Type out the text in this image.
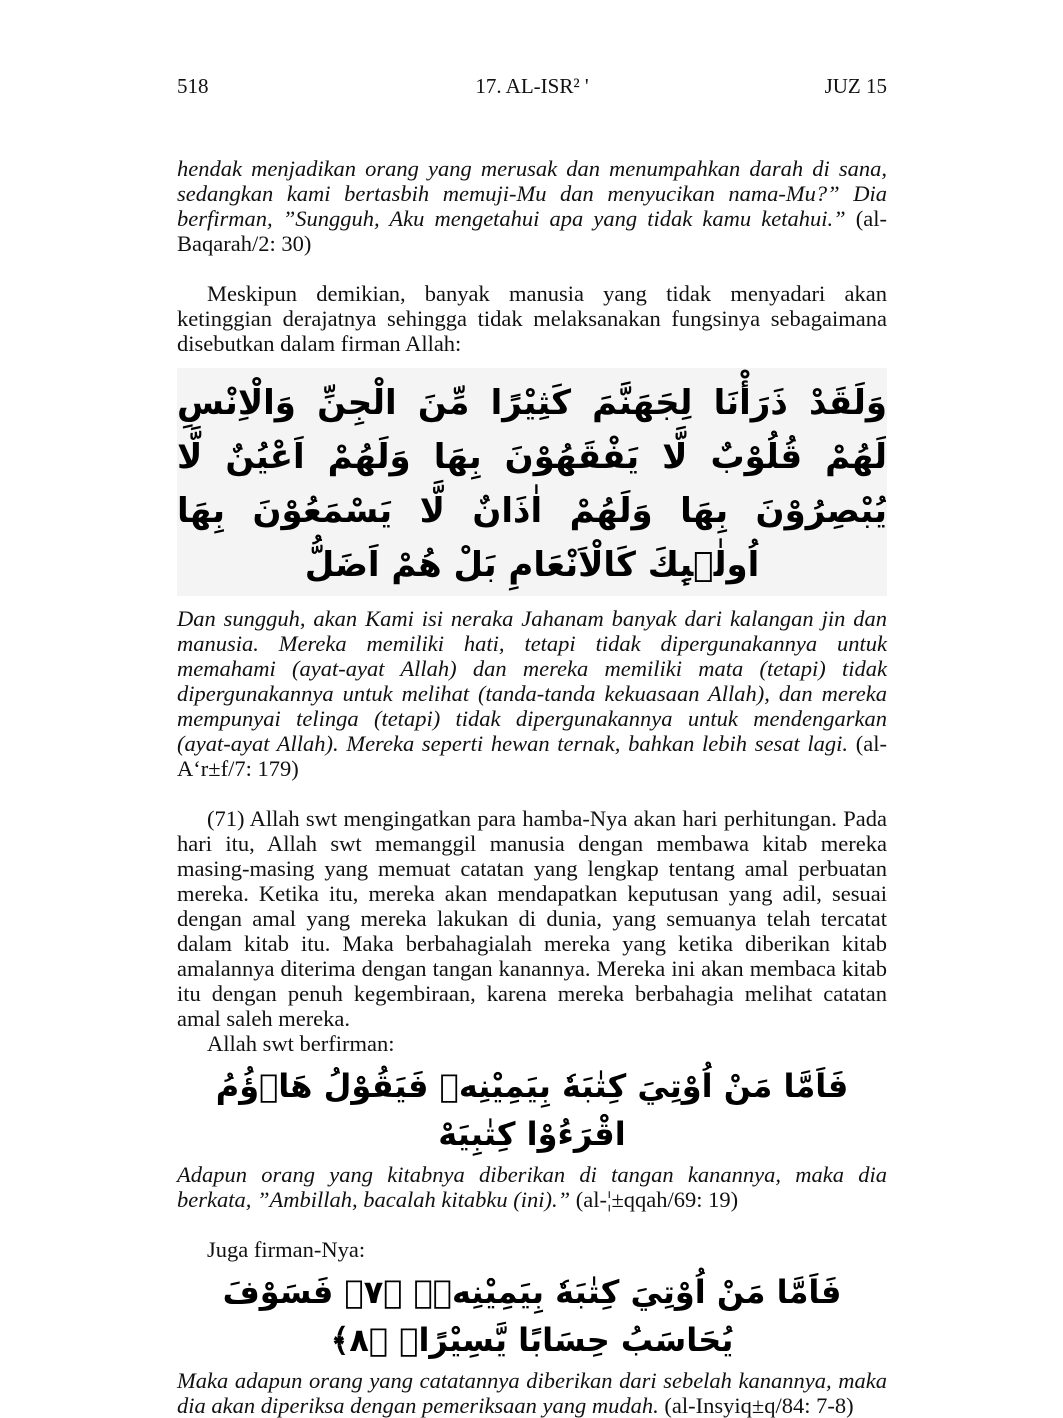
518	17. AL-ISR² '	JUZ 15

hendak menjadikan orang yang merusak dan menumpahkan darah di sana, sedangkan kami bertasbih memuji-Mu dan menyucikan nama-Mu?” Dia berfirman, ”Sungguh, Aku mengetahui apa yang tidak kamu ketahui.” (al-Baqarah/2: 30)

Meskipun demikian, banyak manusia yang tidak menyadari akan ketinggian derajatnya sehingga tidak melaksanakan fungsinya sebagaimana disebutkan dalam firman Allah:

وَلَقَدْ ذَرَأْنَا لِجَهَنَّمَ كَثِيْرًا مِّنَ الْجِنِّ وَالْاِنْسِ لَهُمْ قُلُوْبٌ لَّا يَفْقَهُوْنَ بِهَا وَلَهُمْ اَعْيُنٌ لَّا
يُبْصِرُوْنَ بِهَا وَلَهُمْ اٰذَانٌ لَّا يَسْمَعُوْنَ بِهَا اُولٰۤىِٕكَ كَالْاَنْعَامِ بَلْ هُمْ اَضَلُّ

Dan sungguh, akan Kami isi neraka Jahanam banyak dari kalangan jin dan manusia. Mereka memiliki hati, tetapi tidak dipergunakannya untuk memahami (ayat-ayat Allah) dan mereka memiliki mata (tetapi) tidak dipergunakannya untuk melihat (tanda-tanda kekuasaan Allah), dan mereka mempunyai telinga (tetapi) tidak dipergunakannya untuk mendengarkan (ayat-ayat Allah). Mereka seperti hewan ternak, bahkan lebih sesat lagi. (al-A‘r±f/7: 179)

(71) Allah swt mengingatkan para hamba-Nya akan hari perhitungan. Pada hari itu, Allah swt memanggil manusia dengan membawa kitab mereka masing-masing yang memuat catatan yang lengkap tentang amal perbuatan mereka. Ketika itu, mereka akan mendapatkan keputusan yang adil, sesuai dengan amal yang mereka lakukan di dunia, yang semuanya telah tercatat dalam kitab itu. Maka berbahagialah mereka yang ketika diberikan kitab amalannya diterima dengan tangan kanannya. Mereka ini akan membaca kitab itu dengan penuh kegembiraan, karena mereka berbahagia melihat catatan amal saleh mereka.

Allah swt berfirman:

فَاَمَّا مَنْ اُوْتِيَ كِتٰبَهٗ بِيَمِيْنِهٖ فَيَقُوْلُ هَاۤؤُمُ اقْرَءُوْا كِتٰبِيَهْ

Adapun orang yang kitabnya diberikan di tangan kanannya, maka dia berkata, ”Ambillah, bacalah kitabku (ini).” (al-¦±qqah/69: 19)

Juga firman-Nya:

فَاَمَّا مَنْ اُوْتِيَ كِتٰبَهٗ بِيَمِيْنِهٖۙ ﴿٧﴾ فَسَوْفَ يُحَاسَبُ حِسَابًا يَّسِيْرًاۙ ﴿٨﴾

Maka adapun orang yang catatannya diberikan dari sebelah kanannya, maka dia akan diperiksa dengan pemeriksaan yang mudah. (al-Insyiq±q/84: 7-8)
